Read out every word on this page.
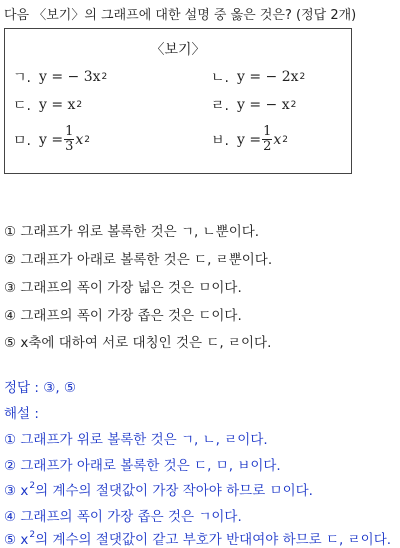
다음 〈보기〉의 그래프에 대한 설명 중 옳은 것은? (정답 2개)
〈보기〉
ㄱ. y = − 3x 2	ㄴ. y = − 2x 2
ㄷ. y = x 2	ㄹ. y = − x 2
ㅁ. $y = \frac{1}{3}$ x 2	ㅂ. $y = \frac{1}{2}$ x 2
① 그래프가 위로 볼록한 것은 ㄱ, ㄴ뿐이다.
② 그래프가 아래로 볼록한 것은 ㄷ, ㄹ뿐이다.
③ 그래프의 폭이 가장 넓은 것은 ㅁ이다.
④ 그래프의 폭이 가장 좁은 것은 ㄷ이다.
⑤ x축에 대하여 서로 대칭인 것은 ㄷ, ㄹ이다.
정답 : ③, ⑤
해설 :
① 그래프가 위로 볼록한 것은 ㄱ, ㄴ, ㄹ이다.
② 그래프가 아래로 볼록한 것은 ㄷ, ㅁ, ㅂ이다.
③ $x^2$의 계수의 절댓값이 가장 작아야 하므로 ㅁ이다.
④ 그래프의 폭이 가장 좁은 것은 ㄱ이다.
⑤ $x^2$의 계수의 절댓값이 같고 부호가 반대여야 하므로 ㄷ, ㄹ이다.
